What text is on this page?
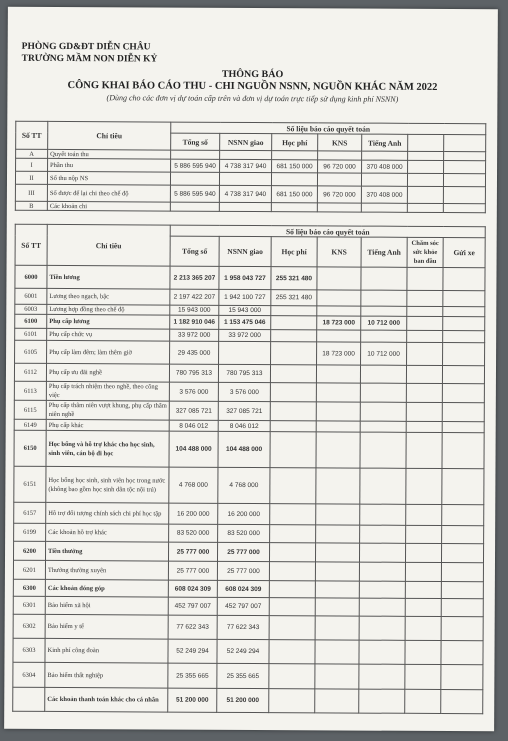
PHÒNG GD&ĐT DIỄN CHÂU
TRƯỜNG MẦM NON DIỄN KỶ
THÔNG BÁO
CÔNG KHAI BÁO CÁO THU - CHI NGUỒN NSNN, NGUỒN KHÁC NĂM 2022
(Dùng cho các đơn vị dự toán cấp trên và đơn vị dự toán trực tiếp sử dụng kinh phí NSNN)
Số TT	Chỉ tiêu	Số liệu báo cáo quyết toán						
		Tổng số	NSNN giao	Học phí	KNS	Tiếng Anh		
A	Quyết toán thu							
I	Phần thu	5 886 595 940	4 738 317 940	681 150 000	96 720 000	370 408 000		
II	Số thu nộp NS							
III	Số được để lại chi theo chế độ	5 886 595 940	4 738 317 940	681 150 000	96 720 000	370 408 000		
B	Các khoản chi							
Số TT	Chỉ tiêu	Số liệu báo cáo quyết toán						
		Tổng số	NSNN giao	Học phí	KNS	Tiếng Anh	Chăm sóc sức khỏe ban đầu	Gửi xe
6000	Tiền lương	2 213 365 207	1 958 043 727	255 321 480				
6001	Lương theo ngạch, bậc	2 197 422 207	1 942 100 727	255 321 480				
6003	Lương hợp đồng theo chế độ	15 943 000	15 943 000					
6100	Phụ cấp lương	1 182 910 046	1 153 475 046		18 723 000	10 712 000		
6101	Phụ cấp chức vụ	33 972 000	33 972 000					
6105	Phụ cấp làm đêm; làm thêm giờ	29 435 000			18 723 000	10 712 000		
6112	Phụ cấp ưu đãi nghề	780 795 313	780 795 313					
6113	Phụ cấp trách nhiệm theo nghề, theo công việc	3 576 000	3 576 000					
6115	Phụ cấp thâm niên vượt khung, phụ cấp thâm niên nghề	327 085 721	327 085 721					
6149	Phụ cấp khác	8 046 012	8 046 012					
6150	Học bổng và hỗ trợ khác cho học sinh, sinh viên, cán bộ đi học	104 488 000	104 488 000					
6151	Học bổng học sinh, sinh viên học trong nước (không bao gồm học sinh dân tộc nội trú)	4 768 000	4 768 000					
6157	Hỗ trợ đối tượng chính sách chi phí học tập	16 200 000	16 200 000					
6199	Các khoản hỗ trợ khác	83 520 000	83 520 000					
6200	Tiền thưởng	25 777 000	25 777 000					
6201	Thưởng thường xuyên	25 777 000	25 777 000					
6300	Các khoản đóng góp	608 024 309	608 024 309					
6301	Bảo hiểm xã hội	452 797 007	452 797 007					
6302	Bảo hiểm y tế	77 622 343	77 622 343					
6303	Kinh phí công đoàn	52 249 294	52 249 294					
6304	Bảo hiểm thất nghiệp	25 355 665	25 355 665					
	Các khoản thanh toán khác cho cá nhân	51 200 000	51 200 000					
